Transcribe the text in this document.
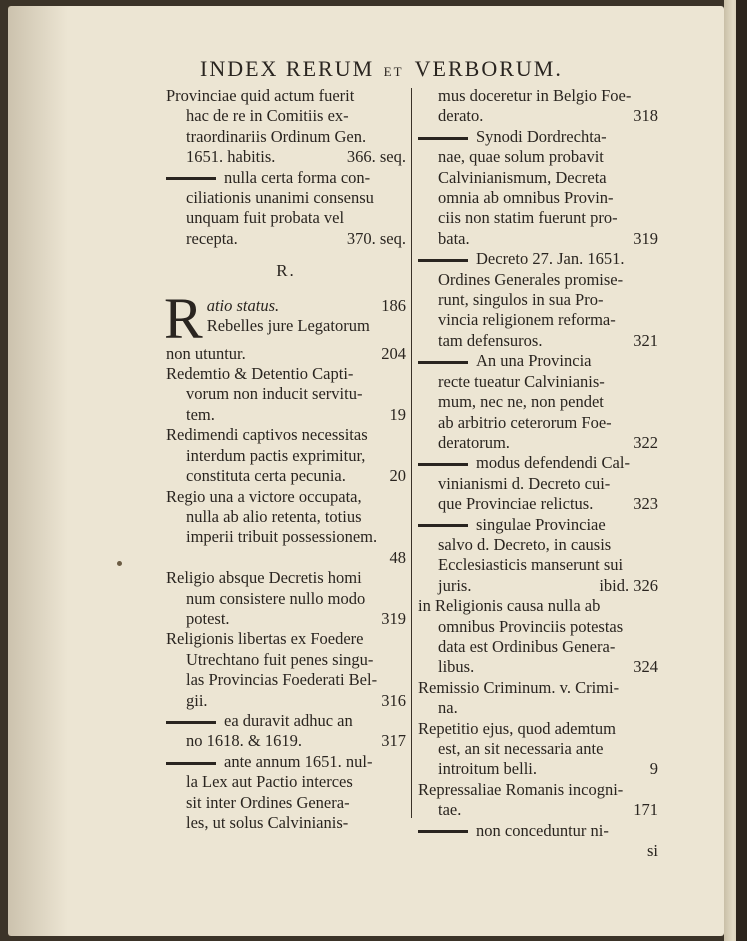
INDEX RERUM ET VERBORUM.
Provinciae quid actum fuerit
hac de re in Comitiis ex-
traordinariis Ordinum Gen.
1651. habitis.	366. seq.
nulla certa forma con-
ciliationis unanimi consensu
unquam fuit probata vel
recepta.	370. seq.
R.
R atio status.	186
Rebelles jure Legatorum
non utuntur.	204
Redemtio & Detentio Capti-
vorum non inducit servitu-
tem.	19
Redimendi captivos necessitas
interdum pactis exprimitur,
constituta certa pecunia.	20
Regio una a victore occupata,
nulla ab alio retenta, totius
imperii tribuit possessionem.
48
Religio absque Decretis homi
num consistere nullo modo
potest.	319
Religionis libertas ex Foedere
Utrechtano fuit penes singu-
las Provincias Foederati Bel-
gii.	316
ea duravit adhuc an
no 1618. & 1619.	317
ante annum 1651. nul-
la Lex aut Pactio interces
sit inter Ordines Genera-
les, ut solus Calvinianis-
mus doceretur in Belgio Foe-
derato.	318
Synodi Dordrechta-
nae, quae solum probavit
Calvinianismum, Decreta
omnia ab omnibus Provin-
ciis non statim fuerunt pro-
bata.	319
Decreto 27. Jan. 1651.
Ordines Generales promise-
runt, singulos in sua Pro-
vincia religionem reforma-
tam defensuros.	321
An una Provincia
recte tueatur Calvinianis-
mum, nec ne, non pendet
ab arbitrio ceterorum Foe-
deratorum.	322
modus defendendi Cal-
vinianismi d. Decreto cui-
que Provinciae relictus. 323
singulae Provinciae
salvo d. Decreto, in causis
Ecclesiasticis manserunt sui
juris.	ibid. 326
in Religionis causa nulla ab
omnibus Provinciis potestas
data est Ordinibus Genera-
libus.	324
Remissio Criminum. v. Crimi-
na.
Repetitio ejus, quod ademtum
est, an sit necessaria ante
introitum belli.	9
Repressaliae Romanis incogni-
tae.	171
non conceduntur ni-
si
